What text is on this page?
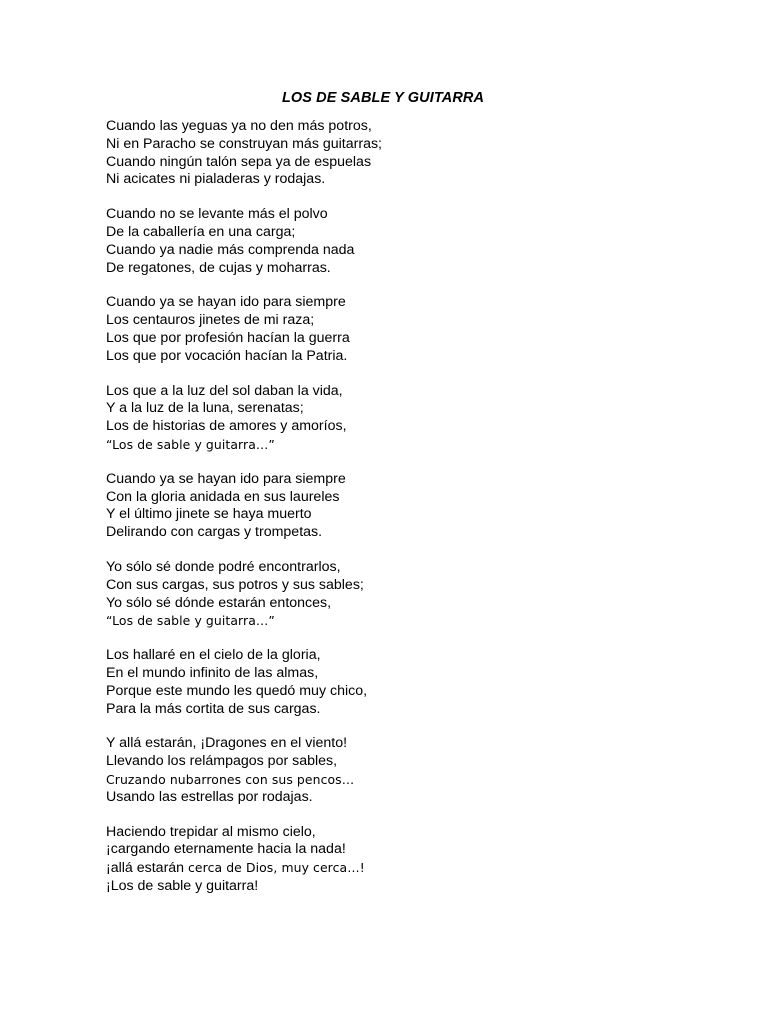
LOS DE SABLE Y GUITARRA
Cuando las yeguas ya no den más potros,
Ni en Paracho se construyan más guitarras;
Cuando ningún talón sepa ya de espuelas
Ni acicates ni pialaderas y rodajas.
Cuando no se levante más el polvo
De la caballería en una carga;
Cuando ya nadie más comprenda nada
De regatones, de cujas y moharras.
Cuando ya se hayan ido para siempre
Los centauros jinetes de mi raza;
Los que por profesión hacían la guerra
Los que por vocación hacían la Patria.
Los que a la luz del sol daban la vida,
Y a la luz de la luna, serenatas;
Los de historias de amores y amoríos,
“Los de sable y guitarra…”
Cuando ya se hayan ido para siempre
Con la gloria anidada en sus laureles
Y el último jinete se haya muerto
Delirando con cargas y trompetas.
Yo sólo sé donde podré encontrarlos,
Con sus cargas, sus potros y sus sables;
Yo sólo sé dónde estarán entonces,
“Los de sable y guitarra…”
Los hallaré en el cielo de la gloria,
En el mundo infinito de las almas,
Porque este mundo les quedó muy chico,
Para la más cortita de sus cargas.
Y allá estarán, ¡Dragones en el viento!
Llevando los relámpagos por sables,
Cruzando nubarrones con sus pencos…
Usando las estrellas por rodajas.
Haciendo trepidar al mismo cielo,
¡cargando eternamente hacia la nada!
¡allá estarán cerca de Dios, muy cerca…!
¡Los de sable y guitarra!
